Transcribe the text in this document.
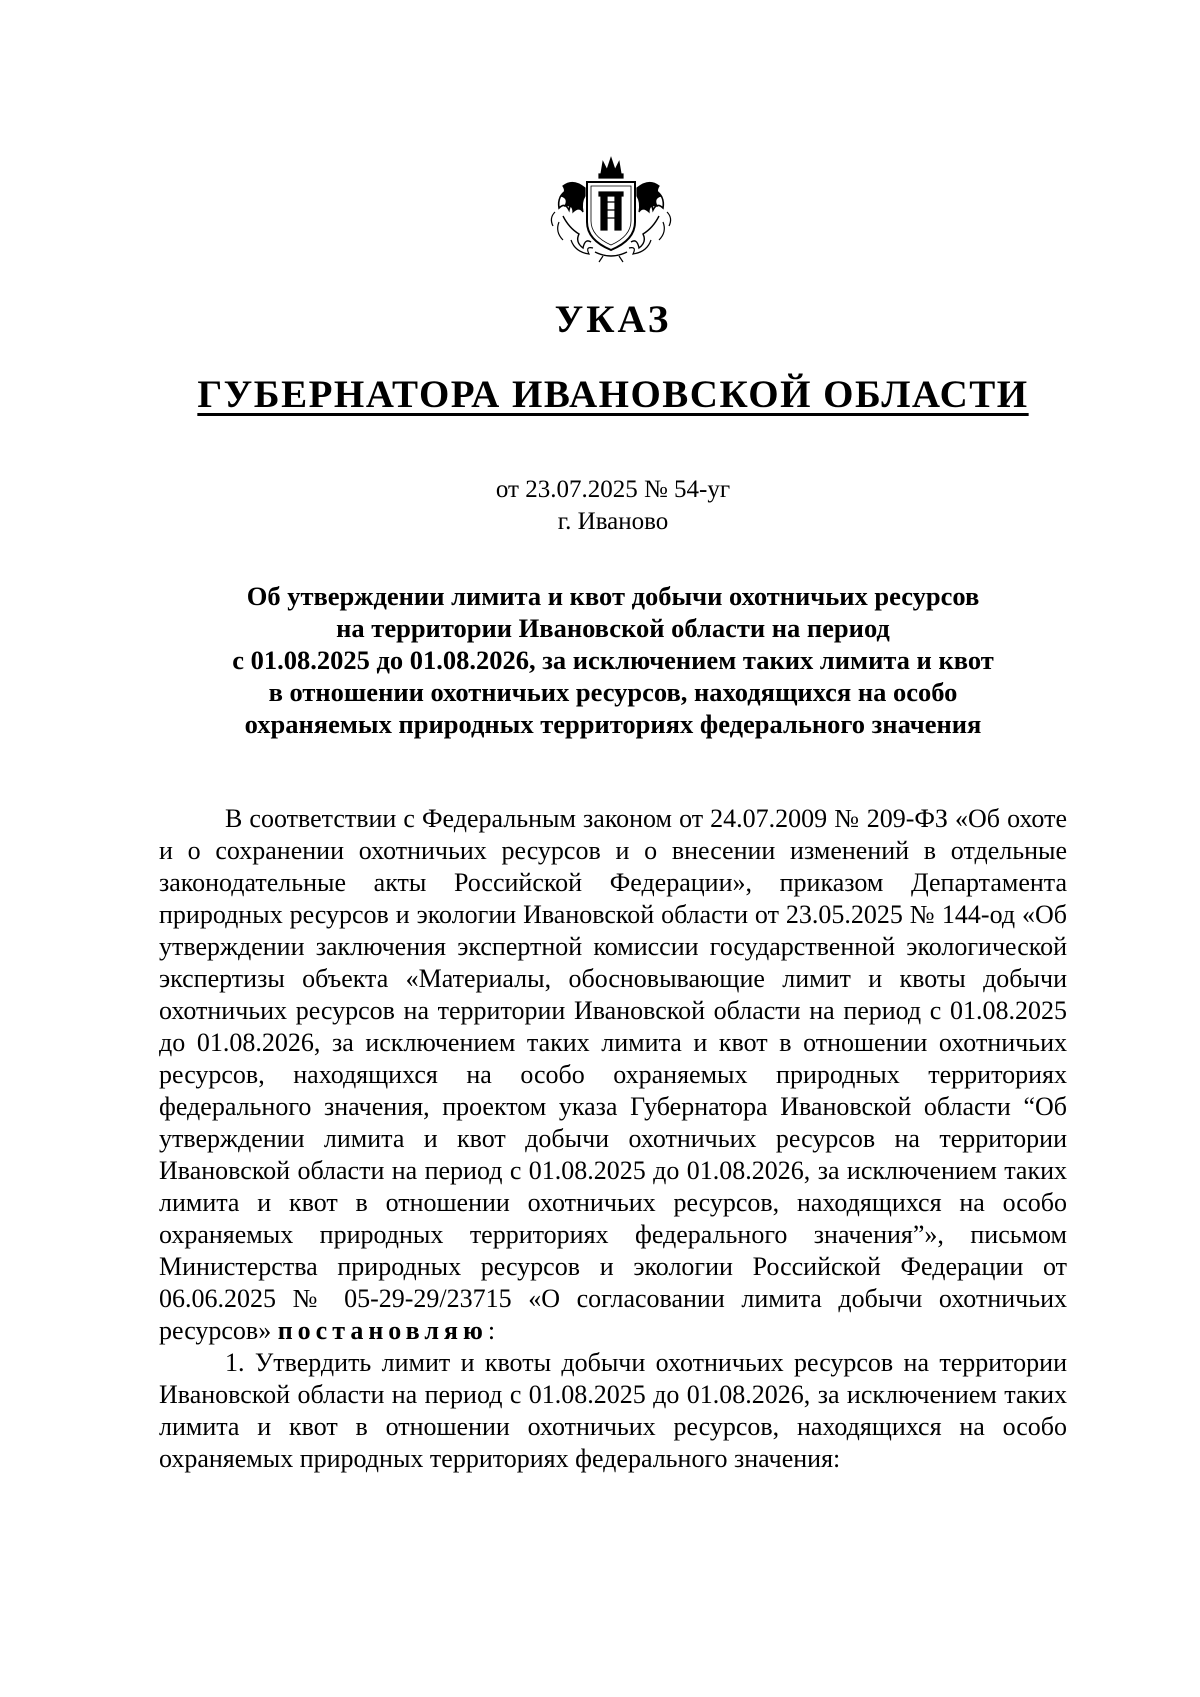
УКАЗ
ГУБЕРНАТОРА ИВАНОВСКОЙ ОБЛАСТИ
от 23.07.2025 № 54-уг
г. Иваново
Об утверждении лимита и квот добычи охотничьих ресурсов
на территории Ивановской области на период
с 01.08.2025 до 01.08.2026, за исключением таких лимита и квот
в отношении охотничьих ресурсов, находящихся на особо
охраняемых природных территориях федерального значения

В соответствии с Федеральным законом от 24.07.2009 № 209-ФЗ «Об охоте и о сохранении охотничьих ресурсов и о внесении изменений в отдельные законодательные акты Российской Федерации», приказом Департамента природных ресурсов и экологии Ивановской области от 23.05.2025 № 144-од «Об утверждении заключения экспертной комиссии государственной экологической экспертизы объекта «Материалы, обосновывающие лимит и квоты добычи охотничьих ресурсов на территории Ивановской области на период с 01.08.2025 до 01.08.2026, за исключением таких лимита и квот в отношении охотничьих ресурсов, находящихся на особо охраняемых природных территориях федерального значения, проектом указа Губернатора Ивановской области “Об утверждении лимита и квот добычи охотничьих ресурсов на территории Ивановской области на период с 01.08.2025 до 01.08.2026, за исключением таких лимита и квот в отношении охотничьих ресурсов, находящихся на особо охраняемых природных территориях федерального значения”», письмом Министерства природных ресурсов и экологии Российской Федерации от 06.06.2025 № 05-29-29/23715 «О согласовании лимита добычи охотничьих ресурсов» постановляю:

1. Утвердить лимит и квоты добычи охотничьих ресурсов на территории Ивановской области на период с 01.08.2025 до 01.08.2026, за исключением таких лимита и квот в отношении охотничьих ресурсов, находящихся на особо охраняемых природных территориях федерального значения:
